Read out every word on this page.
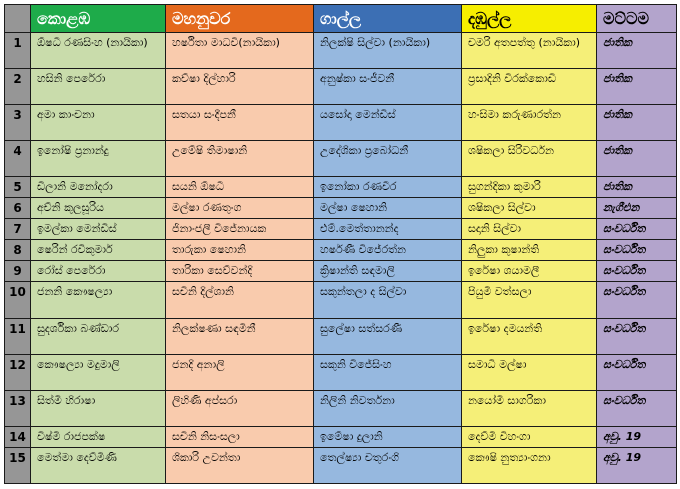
	කොළඹ	මහනුවර	ගාල්ල	දඹුල්ල	මට්ටම
1	ඕෂධී රණසිංහ (නායිකා)	හර්ෂිතා මාධවී(නායිකා)	නිලක්ෂි සිල්වා (නායිකා)	චමරි අතපත්තු (නායිකා)	ජාතික
2	හසිනි පෙරේරා	කව්ෂා දිල්හාරි	අනුෂ්කා සංජීවනී	ප්‍රසාදිනි වීරක්කොඩි	ජාතික
3	අමා කාංචනා	සතයා සංදීපනී	යසෝදා මෙන්ඩිස්	හංසිමා කරුණාරත්න	ජාතික
4	ඉනෝෂි ප්‍රනාන්දු	උමේෂි තිමාෂානි	උදේශිකා ප්‍රබෝධනී	ශෂිකලා සිරිවර්ධන	ජාතික
5	ඩිලානි මනෝදරා	සයනි ඕෂධී	ඉනෝකා රණවීර	සුගන්දිකා කුමාරි	ජාතික
6	අච්නි කුලසූරිය	මල්ෂා රණතුංග	මල්ෂා ෂෙහානි	ශෂිකලා සිල්වා	නැගීඑන
7	ඉමල්කා මෙන්ඩිස්	ජිනාංජලී විජේනායක	එම්.මෙත්තානන්ද	සදානි සිල්වා	සංවර්ධිත
8	ෂෙරින් රවිකුමාර්	තාරුකා ෂෙහානි	හර්ෂණී විජේරත්න	නිලුකා කුෂාන්ති	සංවර්ධිත
9	රෝස් පෙරේරා	තාරිකා සෙව්වන්දි	ක්‍රිෂාන්ති සඳමාලි	ඉරේෂා ශයාමලී	සංවර්ධිත
10	ජනනි කෞෂල්‍යා	සචිනි දිල්ශානි	සකුන්තලා ද සිල්වා	පියුමි වත්සලා	සංවර්ධිත
11	සුදර්ශිකා බණ්ඩාර	නිලක්ෂණා සඳමිනී	සුලේෂා සත්සරණී	ඉරේෂා දමයන්ති	සංවර්ධිත
12	කෞෂල්‍යා මදුමාලි	ජනදි අනාලි	සකුනි විජේසිංහ	සමාධි මල්ෂා	සංවර්ධිත
13	සිත්මි හිරාෂා	ලිහිණි අප්සරා	නිලිනි නිවර්තනා	නයෝමි සාගරිකා	සංවර්ධිත
14	විෂ්මි රාජපක්ෂ	සචිනි නිසංසලා	ඉමේෂා දුලානි	දෙව්මි විහංගා	අවු. 19
15	මෙත්මා දෙව්මිණි	ශිකාරි උවන්තා	තෙල්ෂ්‍යා චතුරංගි	කෞෂි නුත්‍යාංගනා	අවු. 19
